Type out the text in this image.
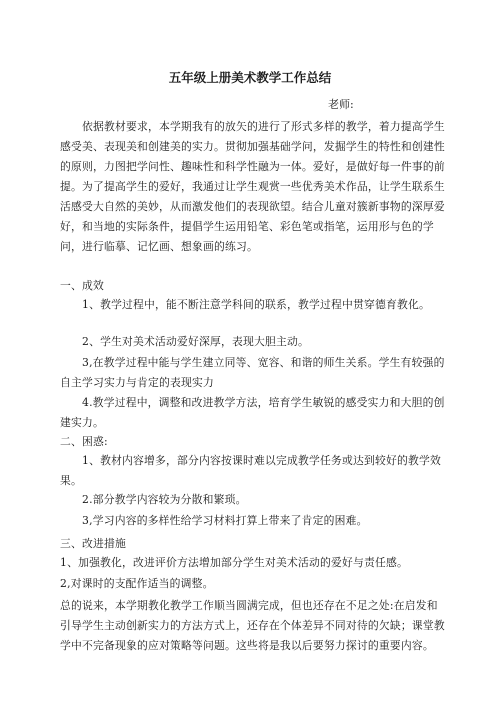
五年级上册美术教学工作总结
老师:

依据教材要求，本学期我有的放矢的进行了形式多样的教学，着力提高学生感受美、表现美和创建美的实力。贯彻加强基础学问，发掘学生的特性和创建性的原则，力图把学问性、趣味性和科学性融为一体。爱好，是做好每一件事的前提。为了提高学生的爱好，我通过让学生观赏一些优秀美术作品，让学生联系生活感受大自然的美妙，从而激发他们的表现欲望。结合儿童对簇新事物的深厚爱好，和当地的实际条件，提倡学生运用铅笔、彩色笔或指笔，运用形与色的学问，进行临摹、记忆画、想象画的练习。

一、成效

1、教学过程中，能不断注意学科间的联系，教学过程中贯穿德育教化。

2、学生对美术活动爱好深厚，表现大胆主动。

3,在教学过程中能与学生建立同等、宽容、和谐的师生关系。学生有较强的自主学习实力与肯定的表现实力

4.教学过程中，调整和改进教学方法，培育学生敏锐的感受实力和大胆的创建实力。

二、困惑:

1、教材内容增多，部分内容按课时难以完成教学任务或达到较好的教学效果。

2.部分教学内容较为分散和繁琐。

3,学习内容的多样性给学习材料打算上带来了肯定的困难。

三、改进措施

1、加强教化，改进评价方法增加部分学生对美术活动的爱好与责任感。

2,对课时的支配作适当的调整。

总的说来，本学期教化教学工作顺当圆满完成，但也还存在不足之处:在启发和引导学生主动创新实力的方法方式上，还存在个体差异不同对待的欠缺；课堂教学中不完备现象的应对策略等问题。这些将是我以后要努力探讨的重要内容。
